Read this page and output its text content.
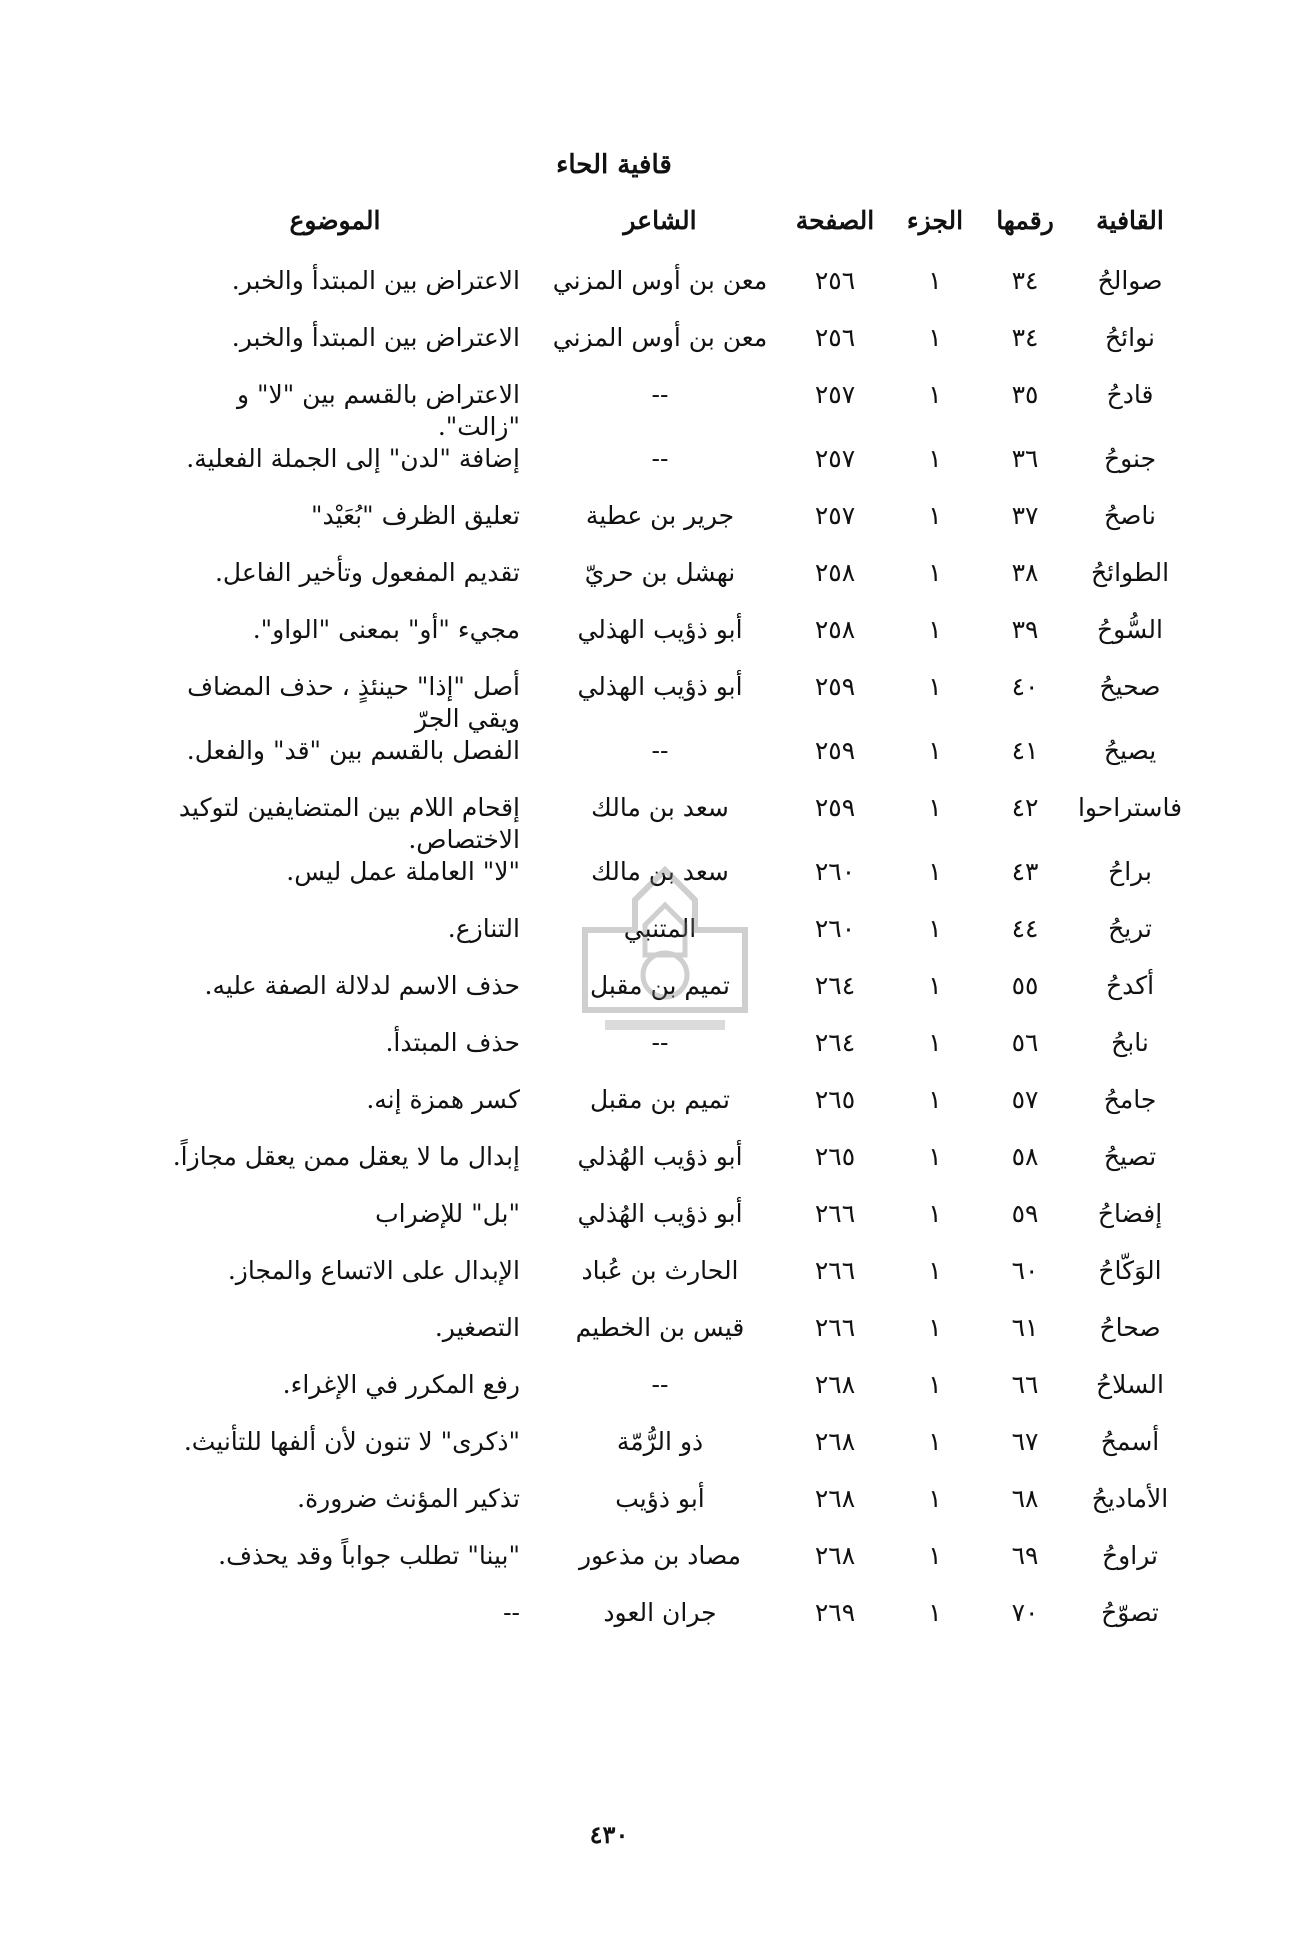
قافية الحاء
القافية
رقمها
الجزء
الصفحة
الشاعر
الموضوع
صوالحُ
٣٤
١
٢٥٦
معن بن أوس المزني
الاعتراض بين المبتدأ والخبر.
نوائحُ
٣٤
١
٢٥٦
معن بن أوس المزني
الاعتراض بين المبتدأ والخبر.
قادحُ
٣٥
١
٢٥٧
--
الاعتراض بالقسم بين "لا" و "زالت".
جنوحُ
٣٦
١
٢٥٧
--
إضافة "لدن" إلى الجملة الفعلية.
ناصحُ
٣٧
١
٢٥٧
جرير بن عطية
تعليق الظرف "بُعَيْد"
الطوائحُ
٣٨
١
٢٥٨
نهشل بن حريّ
تقديم المفعول وتأخير الفاعل.
السُّوحُ
٣٩
١
٢٥٨
أبو ذؤيب الهذلي
مجيء "أو" بمعنى "الواو".
صحيحُ
٤٠
١
٢٥٩
أبو ذؤيب الهذلي
أصل "إذا" حينئذٍ ، حذف المضاف ويقي الجرّ
يصيحُ
٤١
١
٢٥٩
--
الفصل بالقسم بين "قد" والفعل.
فاستراحوا
٤٢
١
٢٥٩
سعد بن مالك
إقحام اللام بين المتضايفين لتوكيد الاختصاص.
براحُ
٤٣
١
٢٦٠
سعد بن مالك
"لا" العاملة عمل ليس.
تريحُ
٤٤
١
٢٦٠
المتنبي
التنازع.
أكدحُ
٥٥
١
٢٦٤
تميم بن مقبل
حذف الاسم لدلالة الصفة عليه.
نابحُ
٥٦
١
٢٦٤
--
حذف المبتدأ.
جامحُ
٥٧
١
٢٦٥
تميم بن مقبل
كسر همزة إنه.
تصيحُ
٥٨
١
٢٦٥
أبو ذؤيب الهُذلي
إبدال ما لا يعقل ممن يعقل مجازاً.
إفضاحُ
٥٩
١
٢٦٦
أبو ذؤيب الهُذلي
"بل" للإضراب
الوَكّاحُ
٦٠
١
٢٦٦
الحارث بن عُباد
الإبدال على الاتساع والمجاز.
صحاحُ
٦١
١
٢٦٦
قيس بن الخطيم
التصغير.
السلاحُ
٦٦
١
٢٦٨
--
رفع المكرر في الإغراء.
أسمحُ
٦٧
١
٢٦٨
ذو الرُّمّة
"ذكرى" لا تنون لأن ألفها للتأنيث.
الأماديحُ
٦٨
١
٢٦٨
أبو ذؤيب
تذكير المؤنث ضرورة.
تراوحُ
٦٩
١
٢٦٨
مصاد بن مذعور
"بينا" تطلب جواباً وقد يحذف.
تصوّحُ
٧٠
١
٢٦٩
جران العود
--
٤٣٠
